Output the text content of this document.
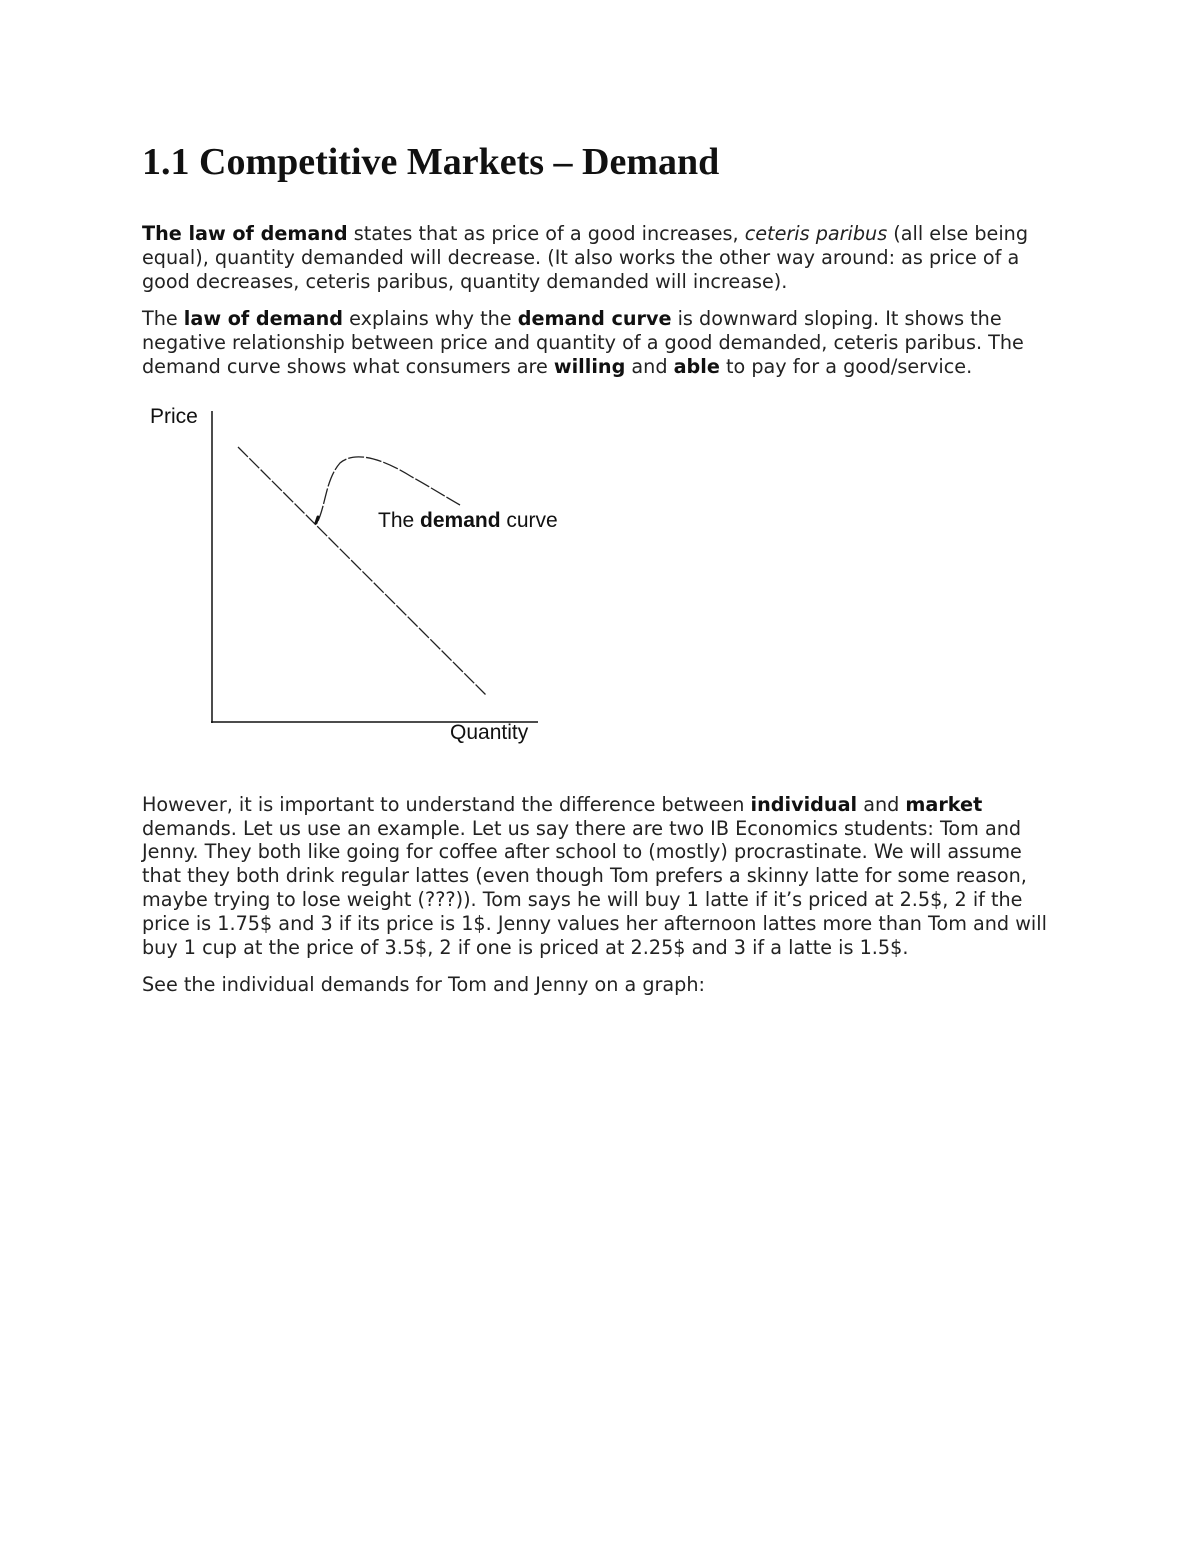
1.1 Competitive Markets – Demand

The law of demand states that as price of a good increases, ceteris paribus (all else being equal), quantity demanded will decrease. (It also works the other way around: as price of a good decreases, ceteris paribus, quantity demanded will increase).

The law of demand explains why the demand curve is downward sloping. It shows the negative relationship between price and quantity of a good demanded, ceteris paribus. The demand curve shows what consumers are willing and able to pay for a good/service.

Price
Quantity
The demand curve

However, it is important to understand the difference between individual and market demands. Let us use an example. Let us say there are two IB Economics students: Tom and Jenny. They both like going for coffee after school to (mostly) procrastinate. We will assume that they both drink regular lattes (even though Tom prefers a skinny latte for some reason, maybe trying to lose weight (???)). Tom says he will buy 1 latte if it’s priced at 2.5$, 2 if the price is 1.75$ and 3 if its price is 1$. Jenny values her afternoon lattes more than Tom and will buy 1 cup at the price of 3.5$, 2 if one is priced at 2.25$ and 3 if a latte is 1.5$.

See the individual demands for Tom and Jenny on a graph:
